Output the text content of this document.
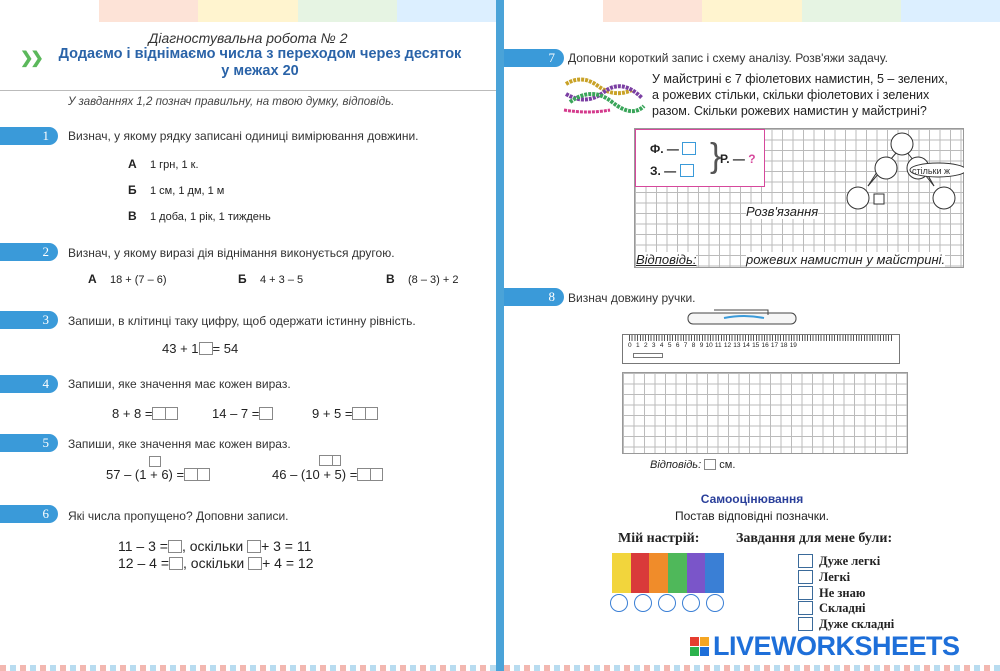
Діагностувальна робота № 2
❯❯	Додаємо і віднімаємо числа з переходом через десяток
у межах 20
У завданнях 1,2 познач правильну, на твою думку, відповідь.
1	Визнач, у якому рядку записані одиниці вимірювання довжини.
А 1 грн, 1 к.
Б 1 см, 1 дм, 1 м
В 1 доба, 1 рік, 1 тиждень
2	Визнач, у якому виразі дія віднімання виконується другою.
А 18 + (7 – 6)	Б 4 + 3 – 5	В (8 – 3) + 2
3	Запиши, в клітинці таку цифру, щоб одержати істинну рівність.
43 + 1 = 54
4	Запиши, яке значення має кожен вираз.
8 + 8 =	14 – 7 =	9 + 5 =
5	Запиши, яке значення має кожен вираз.
57 – (1 + 6) =	46 – (10 + 5) =
6	Які числа пропущено? Доповни записи.
11 – 3 = , оскільки + 3 = 11
12 – 4 = , оскільки + 4 = 12
7	Доповни короткий запис і схему аналізу. Розв'яжи задачу.
У майстрині є 7 фіолетових намистин, 5 – зелених,
а рожевих стільки, скільки фіолетових і зелених
разом. Скільки рожевих намистин у майстрині?
Ф. —
З. — }
Р. — ?
стільки ж
Розв'язання
Відповідь:	рожевих намистин у майстрині.
8	Визнач довжину ручки.
0   1   2   3   4   5   6   7   8   9  10  11  12  13  14  15  16  17  18  19
Відповідь: см.
Самооцінювання
Постав відповідні позначки.
Мій настрій:	Завдання для мене були:
Дуже легкі
Легкі
Не знаю
Складні
Дуже складні
LIVEWORKSHEETS
